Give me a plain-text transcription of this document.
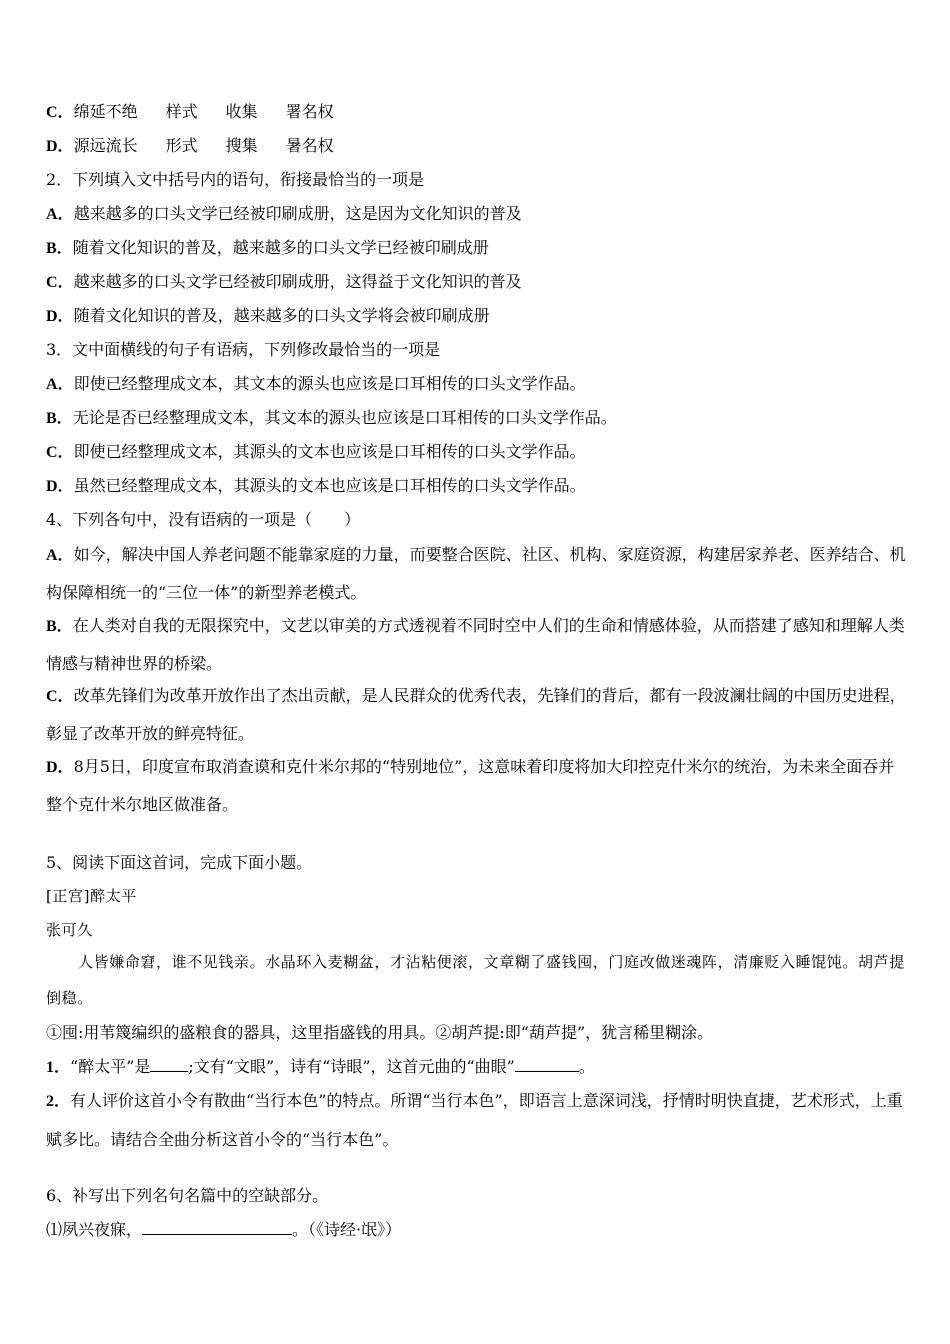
C．绵延不绝 样式 收集 署名权
D．源远流长 形式 搜集 暑名权
2．下列填入文中括号内的语句，衔接最恰当的一项是
A．越来越多的口头文学已经被印刷成册，这是因为文化知识的普及
B．随着文化知识的普及，越来越多的口头文学已经被印刷成册
C．越来越多的口头文学已经被印刷成册，这得益于文化知识的普及
D．随着文化知识的普及，越来越多的口头文学将会被印刷成册
3．文中面横线的句子有语病，下列修改最恰当的一项是
A．即使已经整理成文本，其文本的源头也应该是口耳相传的口头文学作品。
B．无论是否已经整理成文本，其文本的源头也应该是口耳相传的口头文学作品。
C．即使已经整理成文本，其源头的文本也应该是口耳相传的口头文学作品。
D．虽然已经整理成文本，其源头的文本也应该是口耳相传的口头文学作品。
4、下列各句中，没有语病的一项是（　　）
A．如今，解决中国人养老问题不能靠家庭的力量，而要整合医院、社区、机构、家庭资源，构建居家养老、医养结合、机构保障相统一的“三位一体”的新型养老模式。
B．在人类对自我的无限探究中，文艺以审美的方式透视着不同时空中人们的生命和情感体验，从而搭建了感知和理解人类情感与精神世界的桥梁。
C．改革先锋们为改革开放作出了杰出贡献，是人民群众的优秀代表，先锋们的背后，都有一段波澜壮阔的中国历史进程，彰显了改革开放的鲜亮特征。
D．8月5日，印度宣布取消查谟和克什米尔邦的“特别地位”，这意味着印度将加大印控克什米尔的统治，为未来全面吞并整个克什米尔地区做准备。
5、阅读下面这首词，完成下面小题。
[正宫]醉太平
张可久
人皆嫌命窘，谁不见钱亲。水晶环入麦糊盆，才沾粘便滚，文章糊了盛钱囤，门庭改做迷魂阵，清廉贬入睡馄饨。胡芦提倒稳。
①囤:用苇篾编织的盛粮食的器具，这里指盛钱的用具。②胡芦提:即“葫芦提”，犹言稀里糊涂。
1．“醉太平”是 ;文有“文眼”，诗有“诗眼”，这首元曲的“曲眼”	。
2．有人评价这首小令有散曲“当行本色”的特点。所谓“当行本色”，即语言上意深词浅，抒情时明快直捷，艺术形式，上重赋多比。请结合全曲分析这首小令的“当行本色”。
6、补写出下列名句名篇中的空缺部分。
⑴夙兴夜寐，	。（《诗经·氓》）
